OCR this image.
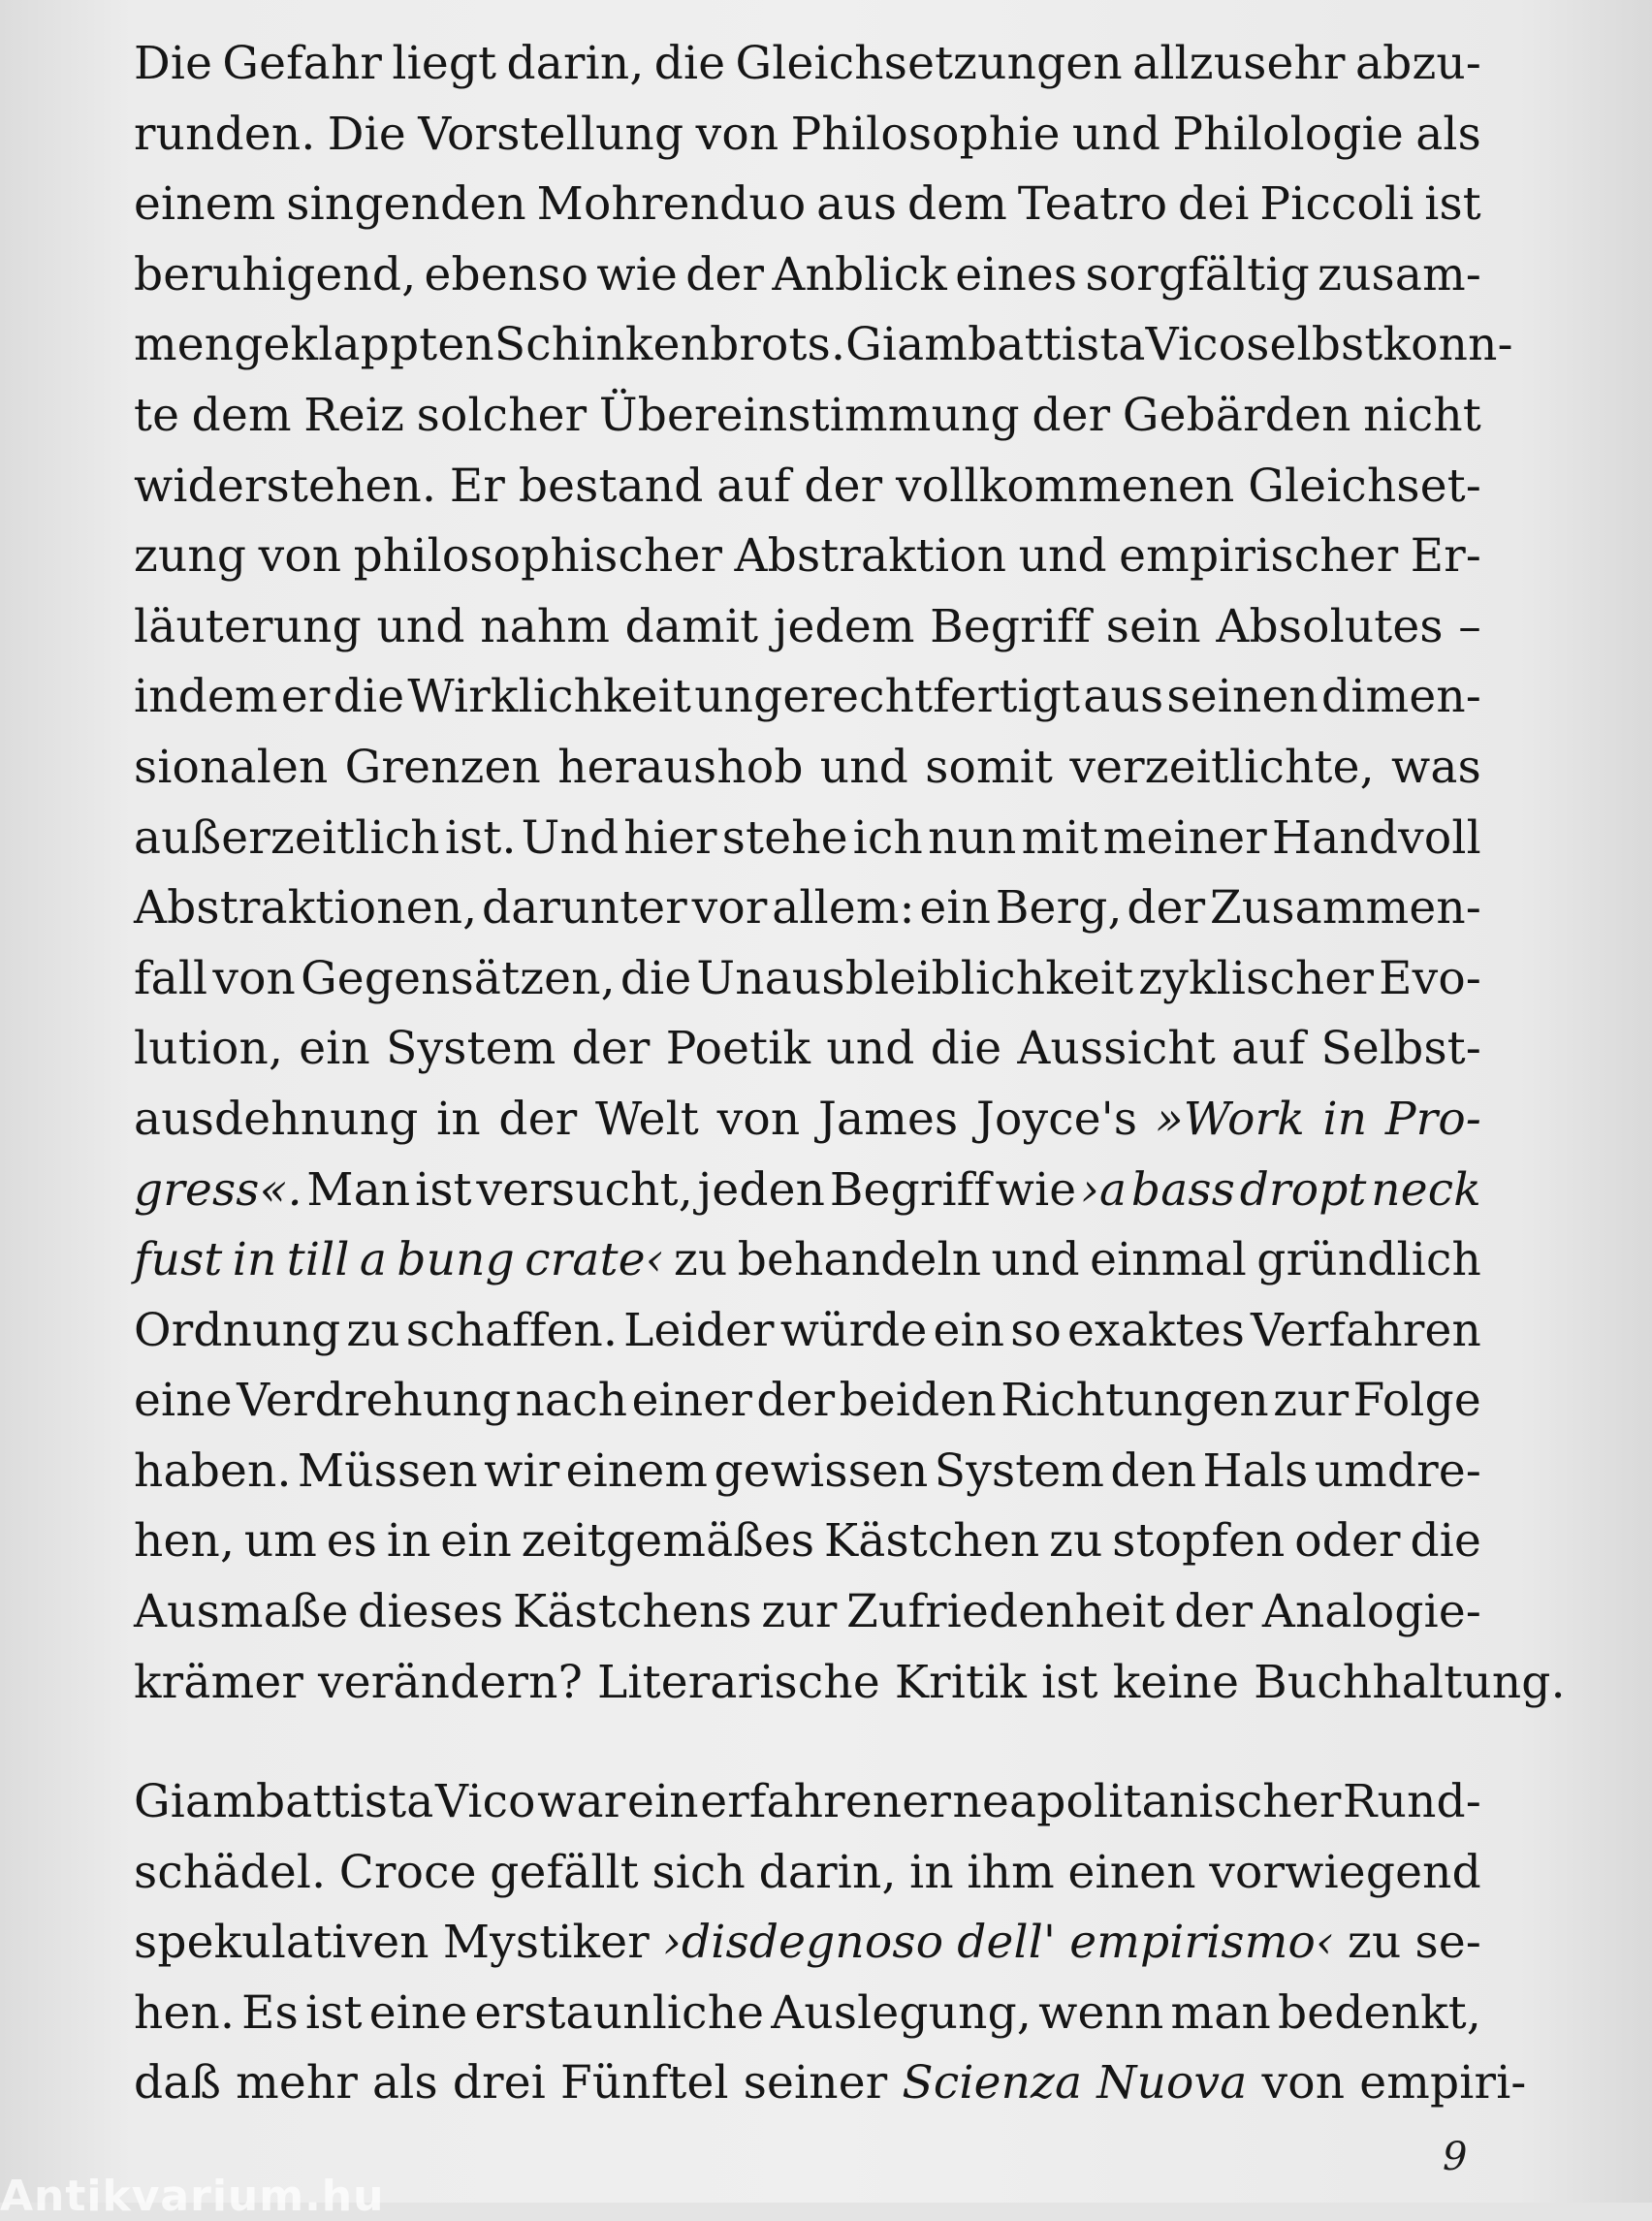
Die Gefahr liegt darin, die Gleichsetzungen allzusehr abzu-
runden. Die Vorstellung von Philosophie und Philologie als
einem singenden Mohrenduo aus dem Teatro dei Piccoli ist
beruhigend, ebenso wie der Anblick eines sorgfältig zusam-
mengeklappten Schinkenbrots. Giambattista Vico selbst konn-
te dem Reiz solcher Übereinstimmung der Gebärden nicht
widerstehen. Er bestand auf der vollkommenen Gleichset-
zung von philosophischer Abstraktion und empirischer Er-
läuterung und nahm damit jedem Begriff sein Absolutes –
indem er die Wirklichkeit ungerechtfertigt aus seinen dimen-
sionalen Grenzen heraushob und somit verzeitlichte, was
außerzeitlich ist. Und hier stehe ich nun mit meiner Handvoll
Abstraktionen, darunter vor allem: ein Berg, der Zusammen-
fall von Gegensätzen, die Unausbleiblichkeit zyklischer Evo-
lution, ein System der Poetik und die Aussicht auf Selbst-
ausdehnung in der Welt von James Joyce's »Work in Pro-
gress«. Man ist versucht, jeden Begriff wie ›a bass dropt neck
fust in till a bung crate‹ zu behandeln und einmal gründlich
Ordnung zu schaffen. Leider würde ein so exaktes Verfahren
eine Verdrehung nach einer der beiden Richtungen zur Folge
haben. Müssen wir einem gewissen System den Hals umdre-
hen, um es in ein zeitgemäßes Kästchen zu stopfen oder die
Ausmaße dieses Kästchens zur Zufriedenheit der Analogie-
krämer verändern? Literarische Kritik ist keine Buchhaltung.
Giambattista Vico war ein erfahrener neapolitanischer Rund-
schädel. Croce gefällt sich darin, in ihm einen vorwiegend
spekulativen Mystiker ›disdegnoso dell' empirismo‹ zu se-
hen. Es ist eine erstaunliche Auslegung, wenn man bedenkt,
daß mehr als drei Fünftel seiner Scienza Nuova von empiri-
9
Antikvarium.hu
